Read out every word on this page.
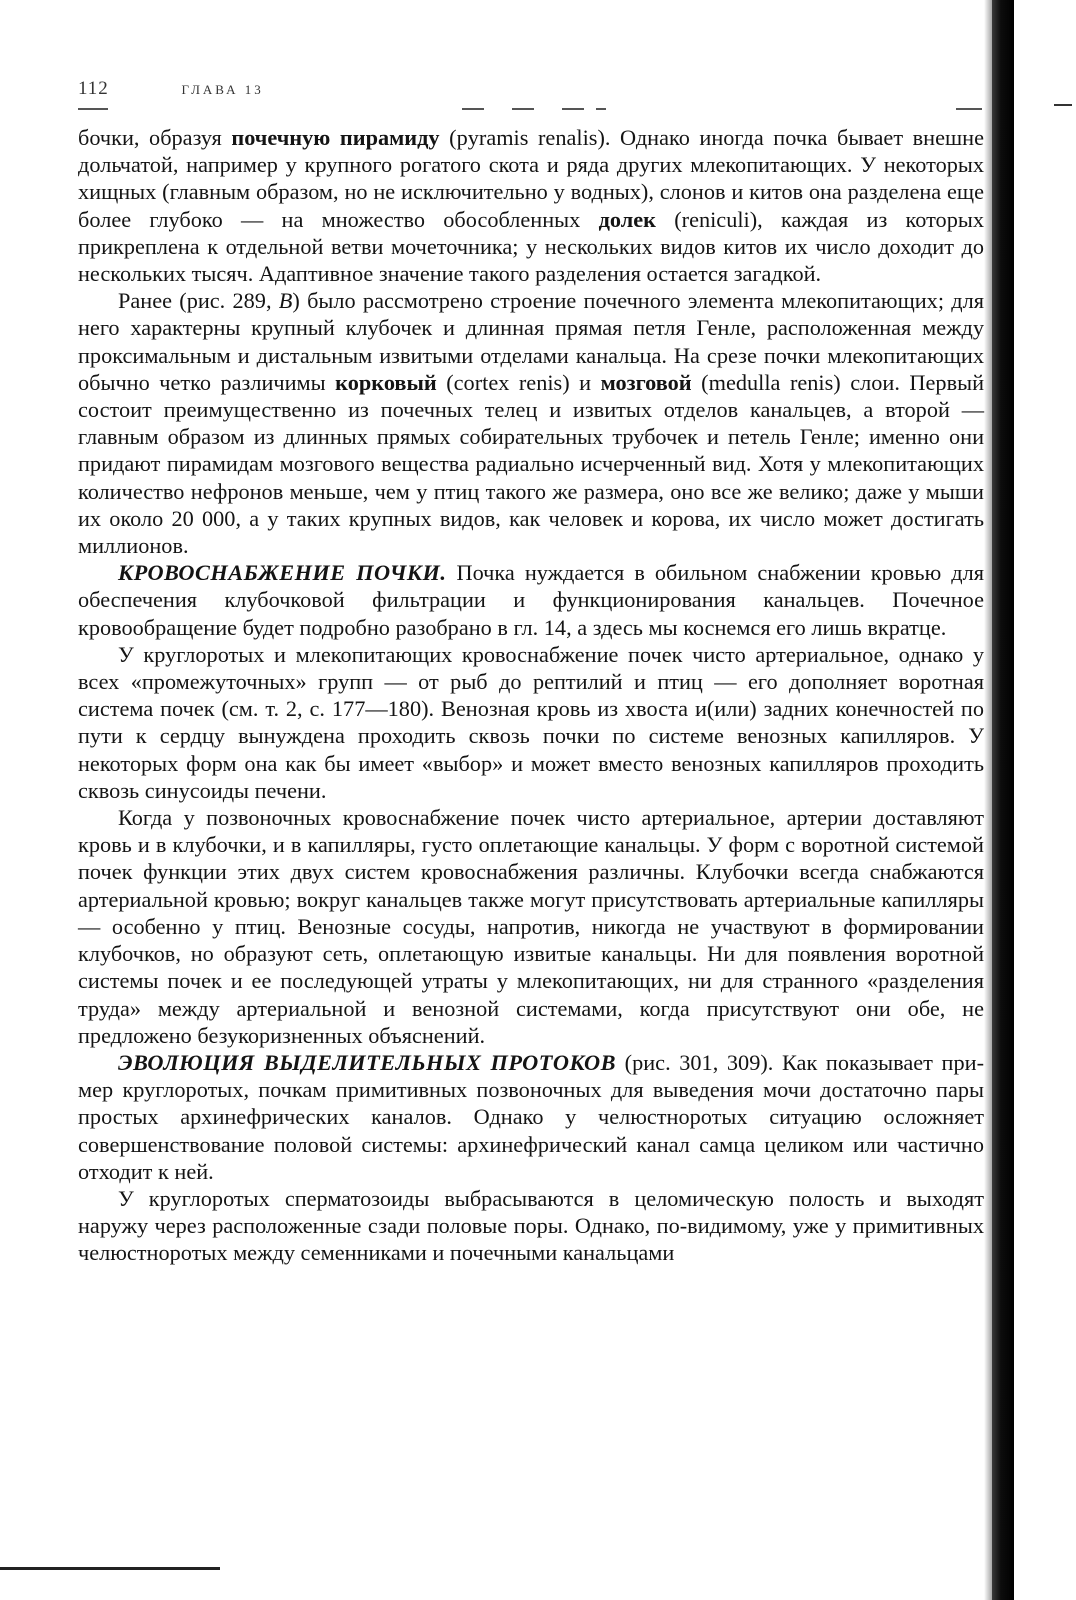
112	ГЛАВА 13

бочки, образуя почечную пирамиду (pyramis renalis). Однако иногда почка бывает внешне дольчатой, например у крупного рогатого скота и ряда других млекопитающих. У некоторых хищных (главным образом, но не исключительно у водных), слонов и китов она разделена еще более глубоко — на множество обособленных долек (reniculi), каждая из которых прикреплена к отдельной ветви мочеточника; у нескольких видов китов их число доходит до нескольких тысяч. Адаптивное значение такого разделения остается загадкой.

Ранее (рис. 289, В) было рассмотрено строение почечного элемента млекопитающих; для него характерны крупный клубочек и длинная прямая петля Генле, расположенная между проксимальным и дистальным извитыми отделами канальца. На срезе почки млекопитающих обычно четко различимы корковый (cortex renis) и мозговой (medulla renis) слои. Первый состоит преимущественно из почечных телец и извитых отделов канальцев, а второй — главным образом из длинных прямых собирательных трубочек и петель Генле; именно они придают пирамидам мозгового вещества радиально исчерченный вид. Хотя у млекопитающих количество нефронов меньше, чем у птиц такого же размера, оно все же велико; даже у мыши их около 20 000, а у таких крупных видов, как человек и корова, их число может достигать миллионов.

КРОВОСНАБЖЕНИЕ ПОЧКИ. Почка нуждается в обильном снабжении кровью для обеспечения клубочковой фильтрации и функционирования канальцев. Почечное кровообращение будет подробно разобрано в гл. 14, а здесь мы коснемся его лишь вкратце.

У круглоротых и млекопитающих кровоснабжение почек чисто артериальное, однако у всех «промежуточных» групп — от рыб до рептилий и птиц — его дополняет воротная система почек (см. т. 2, с. 177—180). Венозная кровь из хвоста и(или) задних конечностей по пути к сердцу вынуждена проходить сквозь почки по системе венозных капилляров. У некоторых форм она как бы имеет «выбор» и может вместо венозных капилляров проходить сквозь синусоиды печени.

Когда у позвоночных кровоснабжение почек чисто артериальное, артерии доставляют кровь и в клубочки, и в капилляры, густо оплетающие канальцы. У форм с воротной системой почек функции этих двух систем кровоснабжения различны. Клубочки всегда снабжаются артериальной кровью; вокруг канальцев также могут присутствовать артериальные капилляры — особенно у птиц. Венозные сосуды, напротив, никогда не участвуют в формировании клубочков, но образуют сеть, оплетающую извитые канальцы. Ни для появления воротной системы почек и ее последующей утраты у млекопитающих, ни для странного «разделения труда» между артериальной и венозной системами, когда присутствуют они обе, не предложено безукоризненных объяснений.

ЭВОЛЮЦИЯ ВЫДЕЛИТЕЛЬНЫХ ПРОТОКОВ (рис. 301, 309). Как показывает пример круглоротых, почкам примитивных позвоночных для выведения мочи достаточно пары простых архинефрических каналов. Однако у челюстноротых ситуацию осложняет совершенствование половой системы: архинефрический канал самца целиком или частично отходит к ней.

У круглоротых сперматозоиды выбрасываются в целомическую полость и выходят наружу через расположенные сзади половые поры. Однако, по-видимому, уже у примитивных челюстноротых между семенниками и почечными канальцами
